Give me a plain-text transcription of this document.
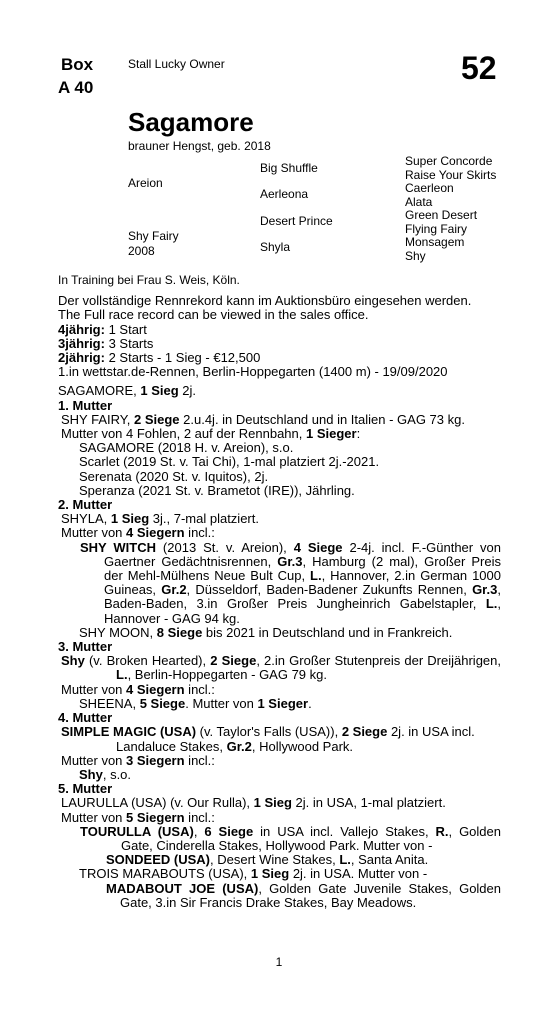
Box
A 40
Stall Lucky Owner	52
Sagamore
brauner Hengst, geb. 2018
Areion
Shy Fairy
2008
Big Shuffle
Aerleona
Desert Prince
Shyla
Super Concorde
Raise Your Skirts
Caerleon
Alata
Green Desert
Flying Fairy
Monsagem
Shy

In Training bei Frau S. Weis, Köln.

Der vollständige Rennrekord kann im Auktionsbüro eingesehen werden.

The Full race record can be viewed in the sales office.

4jährig: 1 Start

3jährig: 3 Starts

2jährig: 2 Starts - 1 Sieg - €12,500

1.in wettstar.de-Rennen, Berlin-Hoppegarten (1400 m) - 19/09/2020

SAGAMORE, 1 Sieg 2j.

1. Mutter

SHY FAIRY, 2 Siege 2.u.4j. in Deutschland und in Italien - GAG 73 kg.

Mutter von 4 Fohlen, 2 auf der Rennbahn, 1 Sieger:

SAGAMORE (2018 H. v. Areion), s.o.

Scarlet (2019 St. v. Tai Chi), 1-mal platziert 2j.-2021.

Serenata (2020 St. v. Iquitos), 2j.

Speranza (2021 St. v. Brametot (IRE)), Jährling.

2. Mutter

SHYLA, 1 Sieg 3j., 7-mal platziert.

Mutter von 4 Siegern incl.:

SHY WITCH (2013 St. v. Areion), 4 Siege 2-4j. incl. F.-Günther von Gaertner Gedächtnisrennen, Gr.3, Hamburg (2 mal), Großer Preis der Mehl-Mülhens Neue Bult Cup, L., Hannover, 2.in German 1000 Guineas, Gr.2, Düsseldorf, Baden-Badener Zukunfts Rennen, Gr.3, Baden-Baden, 3.in Großer Preis Jungheinrich Gabelstapler, L., Hannover - GAG 94 kg.

SHY MOON, 8 Siege bis 2021 in Deutschland und in Frankreich.

3. Mutter

Shy (v. Broken Hearted), 2 Siege, 2.in Großer Stutenpreis der Dreijährigen, L., Berlin-Hoppegarten - GAG 79 kg.

Mutter von 4 Siegern incl.:

SHEENA, 5 Siege. Mutter von 1 Sieger.

4. Mutter

SIMPLE MAGIC (USA) (v. Taylor's Falls (USA)), 2 Siege 2j. in USA incl. Landaluce Stakes, Gr.2, Hollywood Park.

Mutter von 3 Siegern incl.:

Shy, s.o.

5. Mutter

LAURULLA (USA) (v. Our Rulla), 1 Sieg 2j. in USA, 1-mal platziert.

Mutter von 5 Siegern incl.:

TOURULLA (USA), 6 Siege in USA incl. Vallejo Stakes, R., Golden Gate, Cinderella Stakes, Hollywood Park. Mutter von -

SONDEED (USA), Desert Wine Stakes, L., Santa Anita.

TROIS MARABOUTS (USA), 1 Sieg 2j. in USA. Mutter von -

MADABOUT JOE (USA), Golden Gate Juvenile Stakes, Golden Gate, 3.in Sir Francis Drake Stakes, Bay Meadows.

1
